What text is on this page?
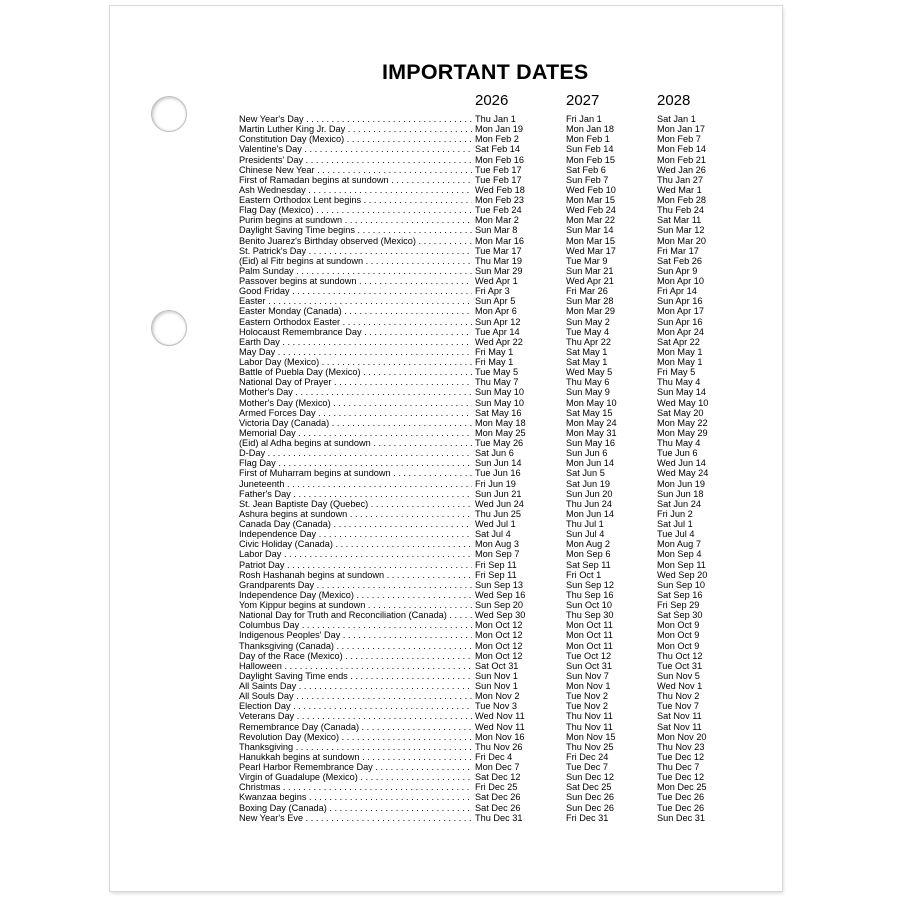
IMPORTANT DATES
2026	2027	2028
New Year's Day . . .	Thu Jan 1	Fri Jan 1	Sat Jan 1
Martin Luther King Jr. Day . . .	Mon Jan 19	Mon Jan 18	Mon Jan 17
Constitution Day (Mexico) . . .	Mon Feb 2	Mon Feb 1	Mon Feb 7
Valentine's Day . . .	Sat Feb 14	Sun Feb 14	Mon Feb 14
Presidents' Day . . .	Mon Feb 16	Mon Feb 15	Mon Feb 21
Chinese New Year . . .	Tue Feb 17	Sat Feb 6	Wed Jan 26
First of Ramadan begins at sundown . . .	Tue Feb 17	Sun Feb 7	Thu Jan 27
Ash Wednesday . . .	Wed Feb 18	Wed Feb 10	Wed Mar 1
Eastern Orthodox Lent begins . . .	Mon Feb 23	Mon Mar 15	Mon Feb 28
Flag Day (Mexico) . . .	Tue Feb 24	Wed Feb 24	Thu Feb 24
Purim begins at sundown . . .	Mon Mar 2	Mon Mar 22	Sat Mar 11
Daylight Saving Time begins . . .	Sun Mar 8	Sun Mar 14	Sun Mar 12
Benito Juarez's Birthday observed (Mexico) . . .	Mon Mar 16	Mon Mar 15	Mon Mar 20
St. Patrick's Day . . .	Tue Mar 17	Wed Mar 17	Fri Mar 17
(Eid) al Fitr begins at sundown . . .	Thu Mar 19	Tue Mar 9	Sat Feb 26
Palm Sunday . . .	Sun Mar 29	Sun Mar 21	Sun Apr 9
Passover begins at sundown . . .	Wed Apr 1	Wed Apr 21	Mon Apr 10
Good Friday . . .	Fri Apr 3	Fri Mar 26	Fri Apr 14
Easter . . .	Sun Apr 5	Sun Mar 28	Sun Apr 16
Easter Monday (Canada) . . .	Mon Apr 6	Mon Mar 29	Mon Apr 17
Eastern Orthodox Easter . . .	Sun Apr 12	Sun May 2	Sun Apr 16
Holocaust Remembrance Day . . .	Tue Apr 14	Tue May 4	Mon Apr 24
Earth Day . . .	Wed Apr 22	Thu Apr 22	Sat Apr 22
May Day . . .	Fri May 1	Sat May 1	Mon May 1
Labor Day (Mexico) . . .	Fri May 1	Sat May 1	Mon May 1
Battle of Puebla Day (Mexico) . . .	Tue May 5	Wed May 5	Fri May 5
National Day of Prayer . . .	Thu May 7	Thu May 6	Thu May 4
Mother's Day . . .	Sun May 10	Sun May 9	Sun May 14
Mother's Day (Mexico) . . .	Sun May 10	Mon May 10	Wed May 10
Armed Forces Day . . .	Sat May 16	Sat May 15	Sat May 20
Victoria Day (Canada) . . .	Mon May 18	Mon May 24	Mon May 22
Memorial Day . . .	Mon May 25	Mon May 31	Mon May 29
(Eid) al Adha begins at sundown . . .	Tue May 26	Sun May 16	Thu May 4
D-Day . . .	Sat Jun 6	Sun Jun 6	Tue Jun 6
Flag Day . . .	Sun Jun 14	Mon Jun 14	Wed Jun 14
First of Muharram begins at sundown . . .	Tue Jun 16	Sat Jun 5	Wed May 24
Juneteenth . . .	Fri Jun 19	Sat Jun 19	Mon Jun 19
Father's Day . . .	Sun Jun 21	Sun Jun 20	Sun Jun 18
St. Jean Baptiste Day (Quebec) . . .	Wed Jun 24	Thu Jun 24	Sat Jun 24
Ashura begins at sundown . . .	Thu Jun 25	Mon Jun 14	Fri Jun 2
Canada Day (Canada) . . .	Wed Jul 1	Thu Jul 1	Sat Jul 1
Independence Day . . .	Sat Jul 4	Sun Jul 4	Tue Jul 4
Civic Holiday (Canada) . . .	Mon Aug 3	Mon Aug 2	Mon Aug 7
Labor Day . . .	Mon Sep 7	Mon Sep 6	Mon Sep 4
Patriot Day . . .	Fri Sep 11	Sat Sep 11	Mon Sep 11
Rosh Hashanah begins at sundown . . .	Fri Sep 11	Fri Oct 1	Wed Sep 20
Grandparents Day . . .	Sun Sep 13	Sun Sep 12	Sun Sep 10
Independence Day (Mexico) . . .	Wed Sep 16	Thu Sep 16	Sat Sep 16
Yom Kippur begins at sundown . . .	Sun Sep 20	Sun Oct 10	Fri Sep 29
National Day for Truth and Reconciliation (Canada) . . .	Wed Sep 30	Thu Sep 30	Sat Sep 30
Columbus Day . . .	Mon Oct 12	Mon Oct 11	Mon Oct 9
Indigenous Peoples' Day . . .	Mon Oct 12	Mon Oct 11	Mon Oct 9
Thanksgiving (Canada) . . .	Mon Oct 12	Mon Oct 11	Mon Oct 9
Day of the Race (Mexico) . . .	Mon Oct 12	Tue Oct 12	Thu Oct 12
Halloween . . .	Sat Oct 31	Sun Oct 31	Tue Oct 31
Daylight Saving Time ends . . .	Sun Nov 1	Sun Nov 7	Sun Nov 5
All Saints Day . . .	Sun Nov 1	Mon Nov 1	Wed Nov 1
All Souls Day . . .	Mon Nov 2	Tue Nov 2	Thu Nov 2
Election Day . . .	Tue Nov 3	Tue Nov 2	Tue Nov 7
Veterans Day . . .	Wed Nov 11	Thu Nov 11	Sat Nov 11
Remembrance Day (Canada) . . .	Wed Nov 11	Thu Nov 11	Sat Nov 11
Revolution Day (Mexico) . . .	Mon Nov 16	Mon Nov 15	Mon Nov 20
Thanksgiving . . .	Thu Nov 26	Thu Nov 25	Thu Nov 23
Hanukkah begins at sundown . . .	Fri Dec 4	Fri Dec 24	Tue Dec 12
Pearl Harbor Remembrance Day . . .	Mon Dec 7	Tue Dec 7	Thu Dec 7
Virgin of Guadalupe (Mexico) . . .	Sat Dec 12	Sun Dec 12	Tue Dec 12
Christmas . . .	Fri Dec 25	Sat Dec 25	Mon Dec 25
Kwanzaa begins . . .	Sat Dec 26	Sun Dec 26	Tue Dec 26
Boxing Day (Canada) . . .	Sat Dec 26	Sun Dec 26	Tue Dec 26
New Year's Eve . . .	Thu Dec 31	Fri Dec 31	Sun Dec 31
